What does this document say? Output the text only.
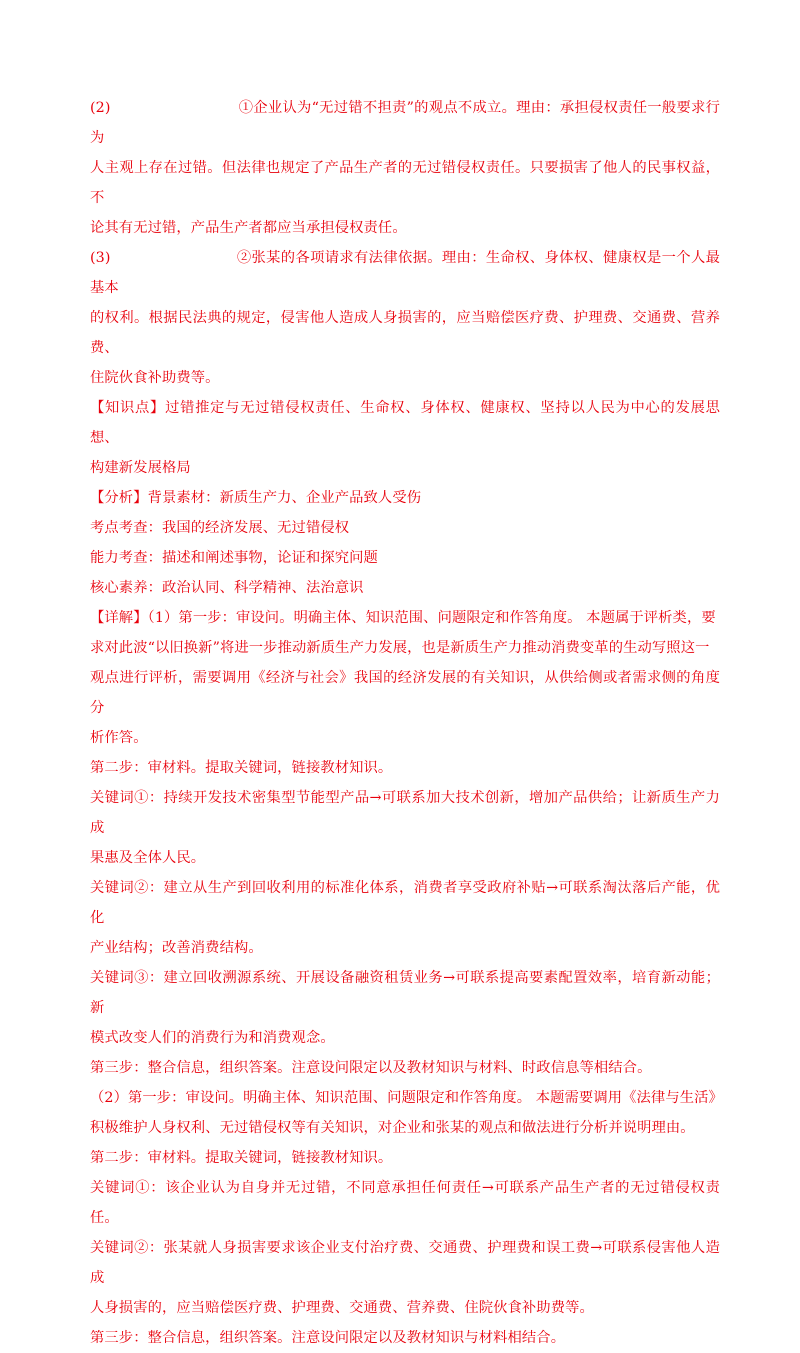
(2)	①企业认为“无过错不担责”的观点不成立。理由：承担侵权责任一般要求行为

人主观上存在过错。但法律也规定了产品生产者的无过错侵权责任。只要损害了他人的民事权益，不

论其有无过错，产品生产者都应当承担侵权责任。

(3)	②张某的各项请求有法律依据。理由：生命权、身体权、健康权是一个人最基本

的权利。根据民法典的规定，侵害他人造成人身损害的，应当赔偿医疗费、护理费、交通费、营养费、

住院伙食补助费等。

【知识点】过错推定与无过错侵权责任、生命权、身体权、健康权、坚持以人民为中心的发展思想、

构建新发展格局

【分析】背景素材：新质生产力、企业产品致人受伤

考点考查：我国的经济发展、无过错侵权

能力考查：描述和阐述事物，论证和探究问题

核心素养：政治认同、科学精神、法治意识

【详解】（1）第一步：审设问。明确主体、知识范围、问题限定和作答角度。 本题属于评析类，要

求对此波“以旧换新”将进一步推动新质生产力发展，也是新质生产力推动消费变革的生动写照这一

观点进行评析，需要调用《经济与社会》我国的经济发展的有关知识，从供给侧或者需求侧的角度分

析作答。

第二步：审材料。提取关键词，链接教材知识。

关键词①：持续开发技术密集型节能型产品→可联系加大技术创新，增加产品供给；让新质生产力成

果惠及全体人民。

关键词②：建立从生产到回收利用的标准化体系，消费者享受政府补贴→可联系淘汰落后产能，优化

产业结构；改善消费结构。

关键词③：建立回收溯源系统、开展设备融资租赁业务→可联系提高要素配置效率，培育新动能；新

模式改变人们的消费行为和消费观念。

第三步：整合信息，组织答案。注意设问限定以及教材知识与材料、时政信息等相结合。

（2）第一步：审设问。明确主体、知识范围、问题限定和作答角度。 本题需要调用《法律与生活》

积极维护人身权利、无过错侵权等有关知识，对企业和张某的观点和做法进行分析并说明理由。

第二步：审材料。提取关键词，链接教材知识。

关键词①：该企业认为自身并无过错，不同意承担任何责任→可联系产品生产者的无过错侵权责任。

关键词②：张某就人身损害要求该企业支付治疗费、交通费、护理费和误工费→可联系侵害他人造成

人身损害的，应当赔偿医疗费、护理费、交通费、营养费、住院伙食补助费等。

第三步：整合信息，组织答案。注意设问限定以及教材知识与材料相结合。
